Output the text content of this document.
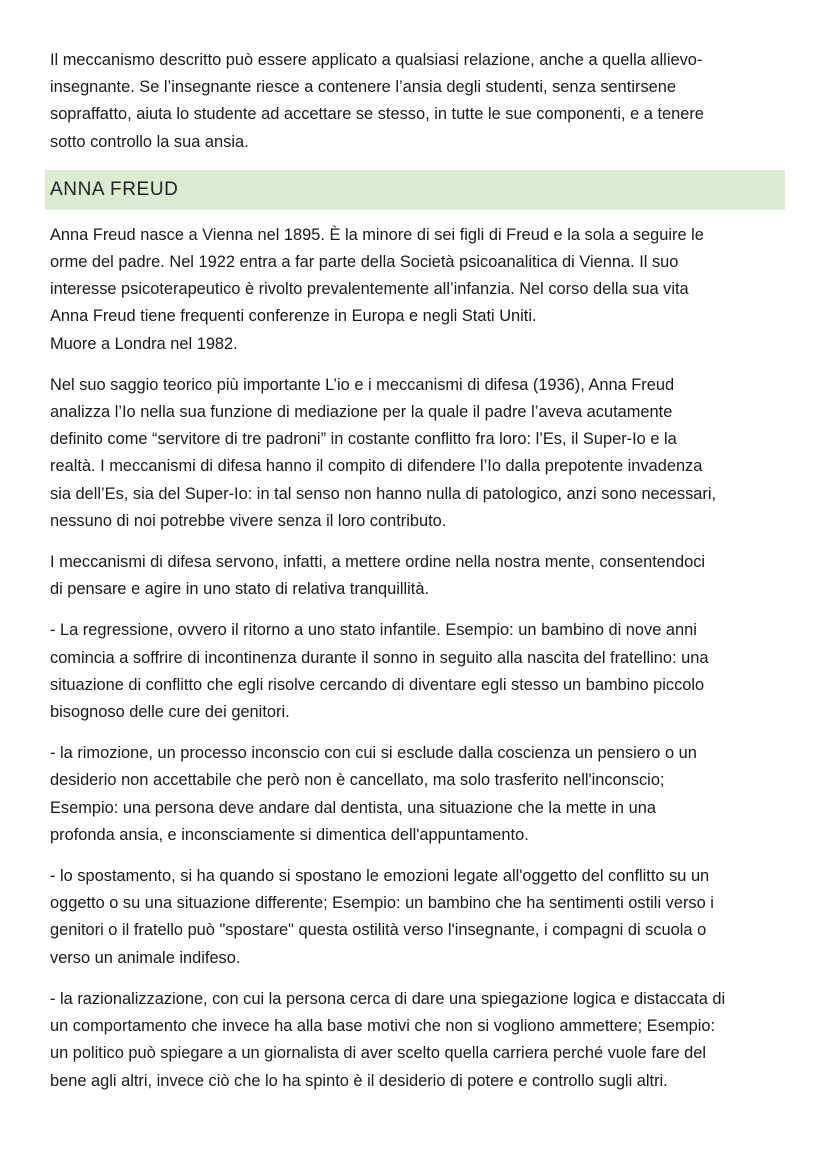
Il meccanismo descritto può essere applicato a qualsiasi relazione, anche a quella allievo-
insegnante. Se l’insegnante riesce a contenere l’ansia degli studenti, senza sentirsene
sopraffatto, aiuta lo studente ad accettare se stesso, in tutte le sue componenti, e a tenere
sotto controllo la sua ansia.

ANNA FREUD

Anna Freud nasce a Vienna nel 1895. È la minore di sei figli di Freud e la sola a seguire le
orme del padre. Nel 1922 entra a far parte della Società psicoanalitica di Vienna. Il suo
interesse psicoterapeutico è rivolto prevalentemente all’infanzia. Nel corso della sua vita
Anna Freud tiene frequenti conferenze in Europa e negli Stati Uniti.
Muore a Londra nel 1982.

Nel suo saggio teorico più importante L’io e i meccanismi di difesa (1936), Anna Freud
analizza l’Io nella sua funzione di mediazione per la quale il padre l’aveva acutamente
definito come “servitore di tre padroni” in costante conflitto fra loro: l’Es, il Super-Io e la
realtà. I meccanismi di difesa hanno il compito di difendere l’Io dalla prepotente invadenza
sia dell’Es, sia del Super-Io: in tal senso non hanno nulla di patologico, anzi sono necessari,
nessuno di noi potrebbe vivere senza il loro contributo.

I meccanismi di difesa servono, infatti, a mettere ordine nella nostra mente, consentendoci
di pensare e agire in uno stato di relativa tranquillità.

- La regressione, ovvero il ritorno a uno stato infantile. Esempio: un bambino di nove anni
comincia a soffrire di incontinenza durante il sonno in seguito alla nascita del fratellino: una
situazione di conflitto che egli risolve cercando di diventare egli stesso un bambino piccolo
bisognoso delle cure dei genitori.

- la rimozione, un processo inconscio con cui si esclude dalla coscienza un pensiero o un
desiderio non accettabile che però non è cancellato, ma solo trasferito nell'inconscio;
Esempio: una persona deve andare dal dentista, una situazione che la mette in una
profonda ansia, e inconsciamente si dimentica dell'appuntamento.

- lo spostamento, si ha quando si spostano le emozioni legate all'oggetto del conflitto su un
oggetto o su una situazione differente; Esempio: un bambino che ha sentimenti ostili verso i
genitori o il fratello può "spostare" questa ostilità verso l'insegnante, i compagni di scuola o
verso un animale indifeso.

- la razionalizzazione, con cui la persona cerca di dare una spiegazione logica e distaccata di
un comportamento che invece ha alla base motivi che non si vogliono ammettere; Esempio:
un politico può spiegare a un giornalista di aver scelto quella carriera perché vuole fare del
bene agli altri, invece ciò che lo ha spinto è il desiderio di potere e controllo sugli altri.
